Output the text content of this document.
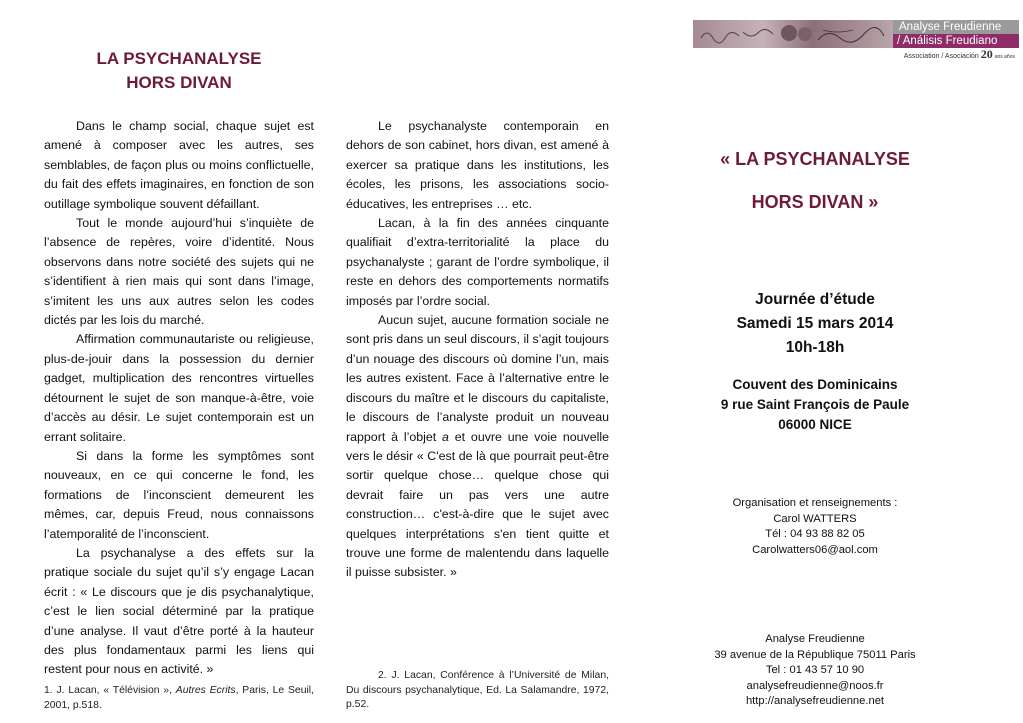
LA PSYCHANALYSE

HORS DIVAN

Dans le champ social, chaque sujet est amené à composer avec les autres, ses semblables, de façon plus ou moins conflictuelle, du fait des effets imaginaires, en fonction de son outillage symbolique souvent défaillant.

Tout le monde aujourd’hui s’inquiète de l’absence de repères, voire d’identité. Nous observons dans notre société des sujets qui ne s’identifient à rien mais qui sont dans l’image, s’imitent les uns aux autres selon les codes dictés par les lois du marché.

Affirmation communautariste ou religieuse, plus-de-jouir dans la possession du dernier gadget, multiplication des rencontres virtuelles détournent le sujet de son manque-à-être, voie d’accès au désir. Le sujet contemporain est un errant solitaire.

Si dans la forme les symptômes sont nouveaux, en ce qui concerne le fond, les formations de l’inconscient demeurent les mêmes, car, depuis Freud, nous connaissons l’atemporalité de l’inconscient.

La psychanalyse a des effets sur la pratique sociale du sujet qu’il s’y engage Lacan écrit : « Le discours que je dis psychanalytique, c’est le lien social déterminé par la pratique d’une analyse. Il vaut d’être porté à la hauteur des plus fondamentaux parmi les liens qui restent pour nous en activité. »

1. J. Lacan, « Télévision », Autres Ecrits, Paris, Le Seuil, 2001, p.518.

Le psychanalyste contemporain en dehors de son cabinet, hors divan, est amené à exercer sa pratique dans les institutions, les écoles, les prisons, les associations socio-éducatives, les entreprises … etc.

Lacan, à la fin des années cinquante qualifiait d’extra-territorialité la place du psychanalyste ; garant de l’ordre symbolique, il reste en dehors des comportements normatifs imposés par l’ordre social.

Aucun sujet, aucune formation sociale ne sont pris dans un seul discours, il s’agit toujours d’un nouage des discours où domine l’un, mais les autres existent. Face à l’alternative entre le discours du maître et le discours du capitaliste, le discours de l’analyste produit un nouveau rapport à l’objet a et ouvre une voie nouvelle vers le désir « C'est de là que pourrait peut-être sortir quelque chose… quelque chose qui devrait faire un pas vers une autre construction… c'est-à-dire que le sujet avec quelques interprétations s'en tient quitte et trouve une forme de malentendu dans laquelle il puisse subsister. »

2. J. Lacan, Conférence à l’Université de Milan, Du discours psychanalytique, Ed. La Salamandre, 1972, p.52.

Analyse Freudienne
/ Análisis Freudiano
Association / Asociación 20 ans años
« LA PSYCHANALYSE
HORS DIVAN »
Journée d’étude
Samedi 15 mars 2014
10h-18h
Couvent des Dominicains
9 rue Saint François de Paule
06000 NICE
Organisation et renseignements :
Carol WATTERS
Tél : 04 93 88 82 05
Carolwatters06@aol.com
Analyse Freudienne
39 avenue de la République 75011 Paris
Tel : 01 43 57 10 90
analysefreudienne@noos.fr
http://analysefreudienne.net
